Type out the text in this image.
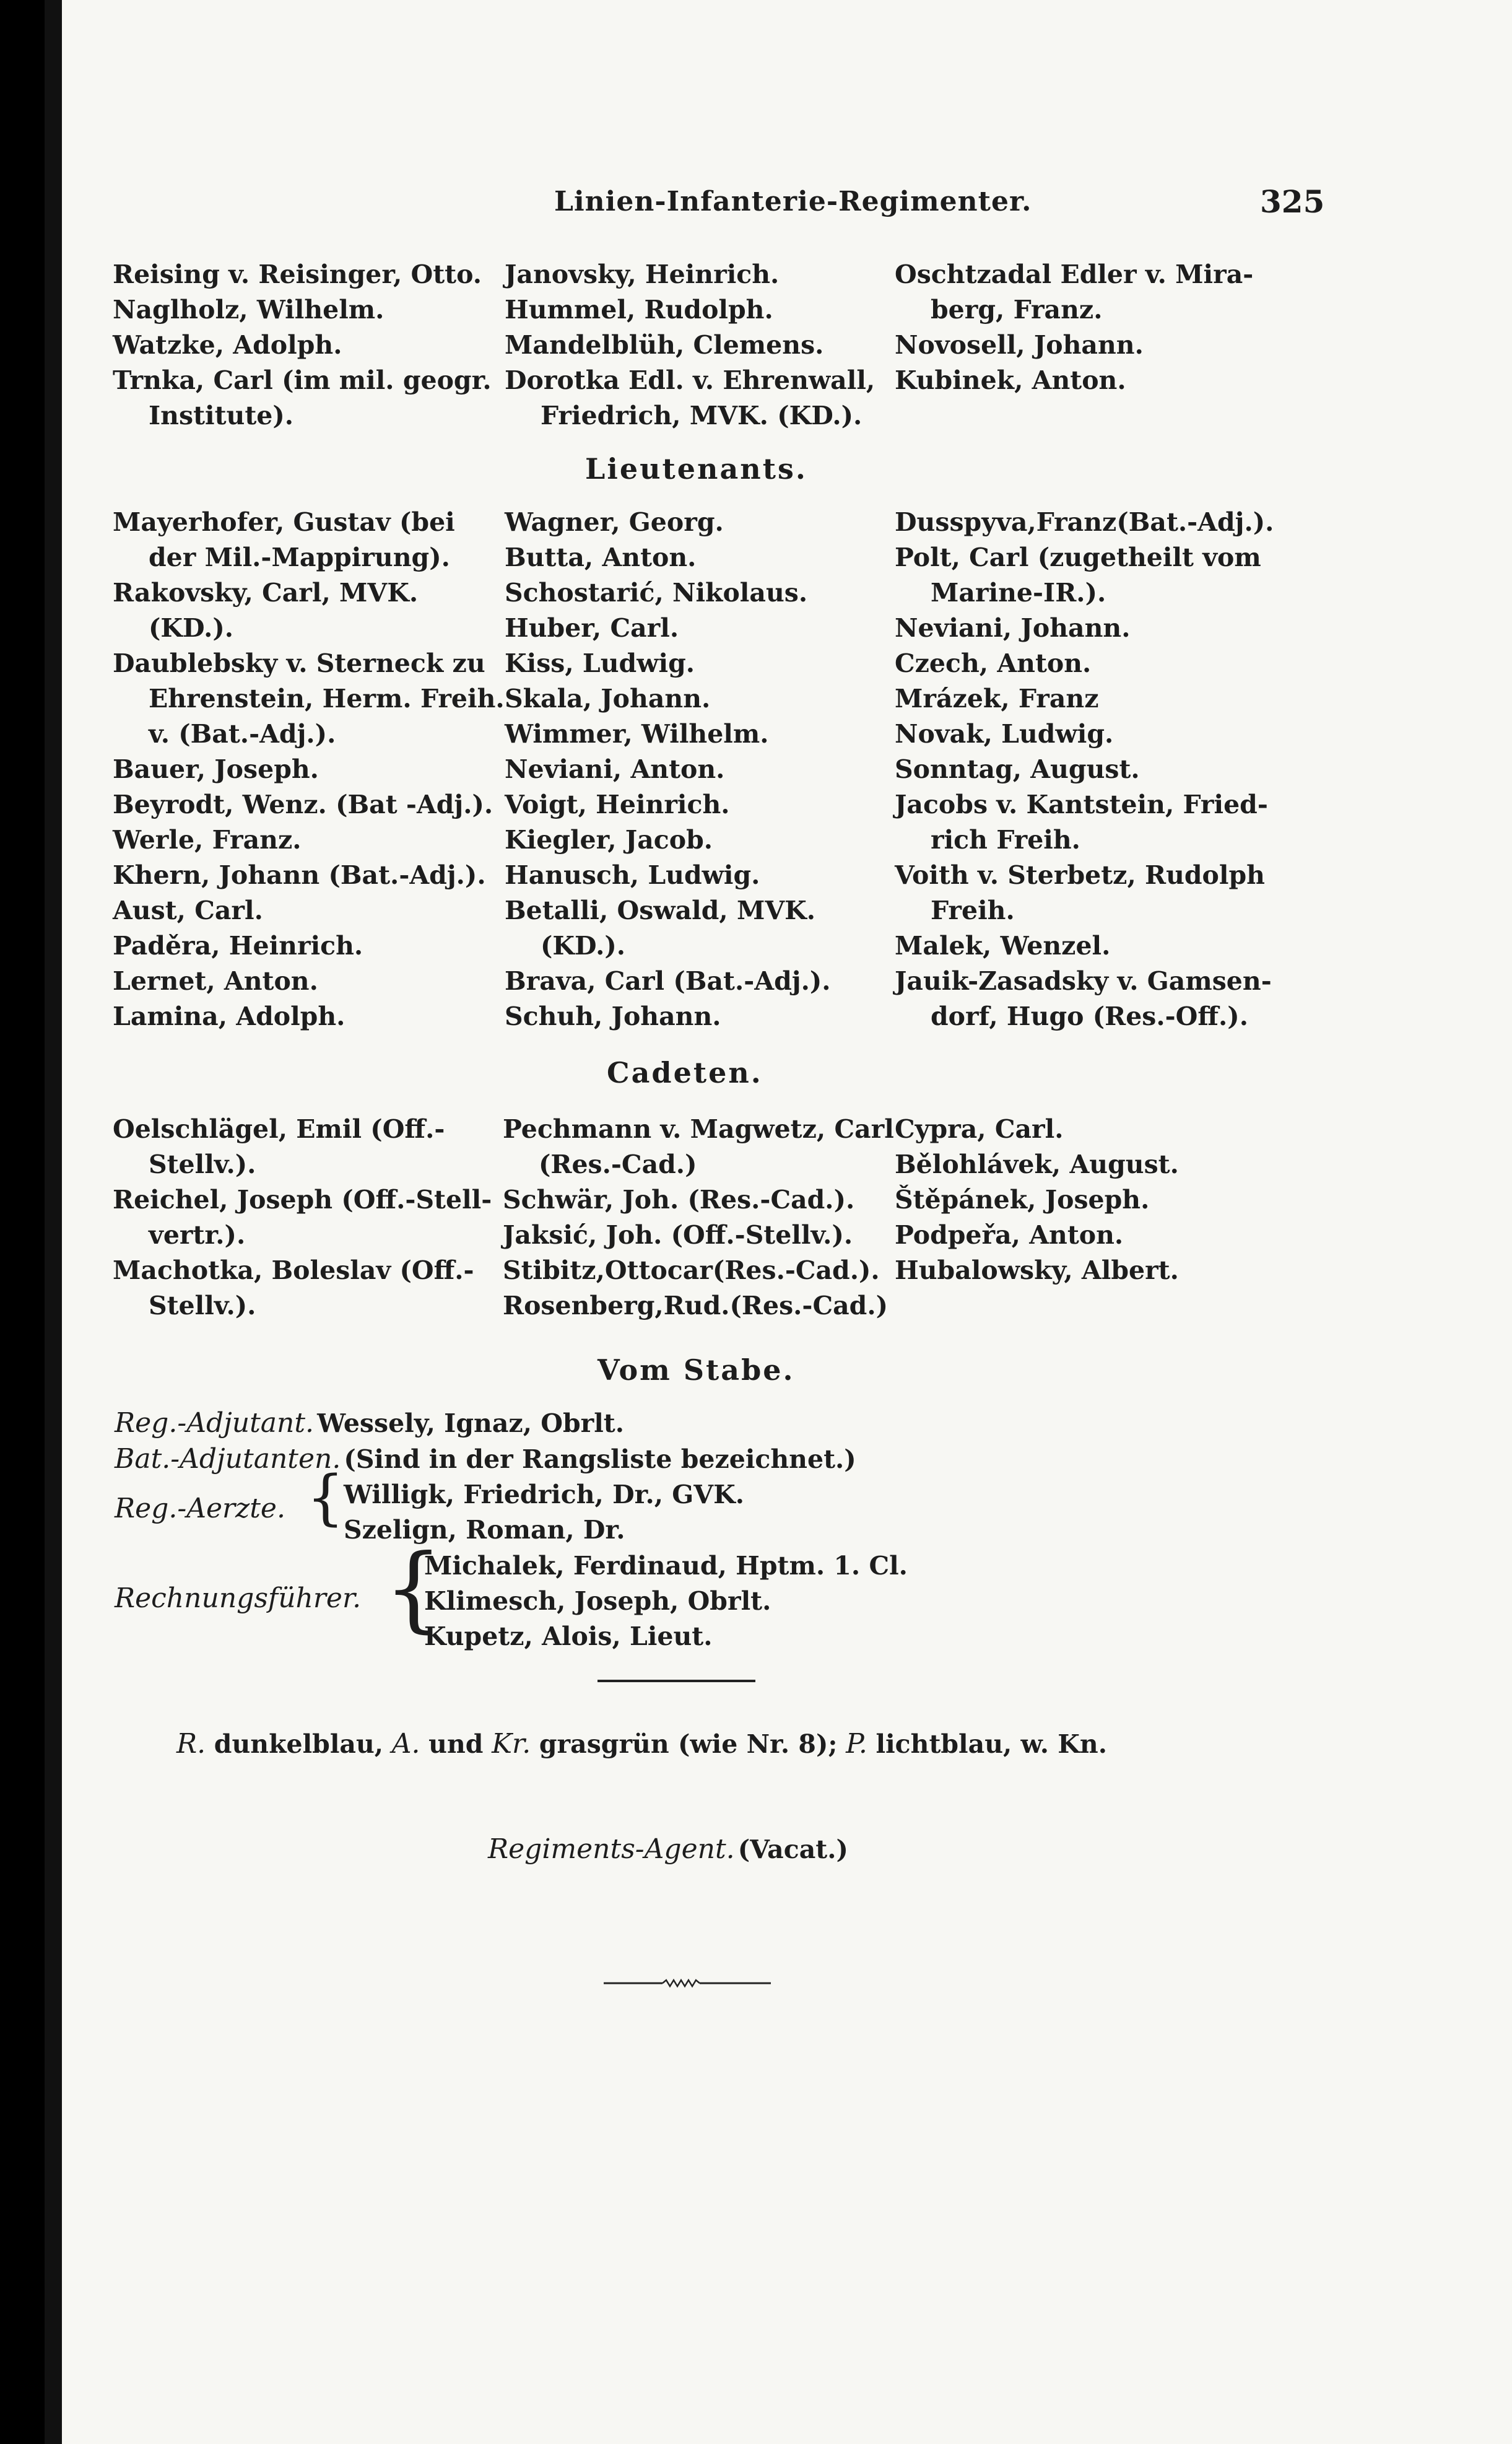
Linien-Infanterie-Regimenter.	325
Reising v. Reisinger, Otto.
Naglholz, Wilhelm.
Watzke, Adolph.
Trnka, Carl (im mil. geogr.
Institute).
Janovsky, Heinrich.
Hummel, Rudolph.
Mandelblüh, Clemens.
Dorotka Edl. v. Ehrenwall,
Friedrich, MVK. (KD.).
Oschtzadal Edler v. Mira-
berg, Franz.
Novosell, Johann.
Kubinek, Anton.
Lieutenants.
Mayerhofer, Gustav (bei
der Mil.-Mappirung).
Rakovsky, Carl, MVK.
(KD.).
Daublebsky v. Sterneck zu
Ehrenstein, Herm. Freih.
v. (Bat.-Adj.).
Bauer, Joseph.
Beyrodt, Wenz. (Bat -Adj.).
Werle, Franz.
Khern, Johann (Bat.-Adj.).
Aust, Carl.
Paděra, Heinrich.
Lernet, Anton.
Lamina, Adolph.
Wagner, Georg.
Butta, Anton.
Schostarić, Nikolaus.
Huber, Carl.
Kiss, Ludwig.
Skala, Johann.
Wimmer, Wilhelm.
Neviani, Anton.
Voigt, Heinrich.
Kiegler, Jacob.
Hanusch, Ludwig.
Betalli, Oswald, MVK.
(KD.).
Brava, Carl (Bat.-Adj.).
Schuh, Johann.
Dusspyva,Franz(Bat.-Adj.).
Polt, Carl (zugetheilt vom
Marine-IR.).
Neviani, Johann.
Czech, Anton.
Mrázek, Franz
Novak, Ludwig.
Sonntag, August.
Jacobs v. Kantstein, Fried-
rich Freih.
Voith v. Sterbetz, Rudolph
Freih.
Malek, Wenzel.
Jauik-Zasadsky v. Gamsen-
dorf, Hugo (Res.-Off.).
Cadeten.
Oelschlägel, Emil (Off.-
Stellv.).
Reichel, Joseph (Off.-Stell-
vertr.).
Machotka, Boleslav (Off.-
Stellv.).
Pechmann v. Magwetz, Carl
(Res.-Cad.)
Schwär, Joh. (Res.-Cad.).
Jaksić, Joh. (Off.-Stellv.).
Stibitz,Ottocar(Res.-Cad.).
Rosenberg,Rud.(Res.-Cad.)
Cypra, Carl.
Bělohlávek, August.
Štěpánek, Joseph.
Podpeřa, Anton.
Hubalowsky, Albert.
Vom Stabe.
Reg.-Adjutant. Wessely, Ignaz, Obrlt.
Bat.-Adjutanten. (Sind in der Rangsliste bezeichnet.)
Reg.-Aerzte. {
Willigk, Friedrich, Dr., GVK.
Szelign, Roman, Dr.
Rechnungsführer. {
Michalek, Ferdinaud, Hptm. 1. Cl.
Klimesch, Joseph, Obrlt.
Kupetz, Alois, Lieut.
R. dunkelblau, A. und Kr. grasgrün (wie Nr. 8); P. lichtblau, w. Kn.
Regiments-Agent. (Vacat.)
